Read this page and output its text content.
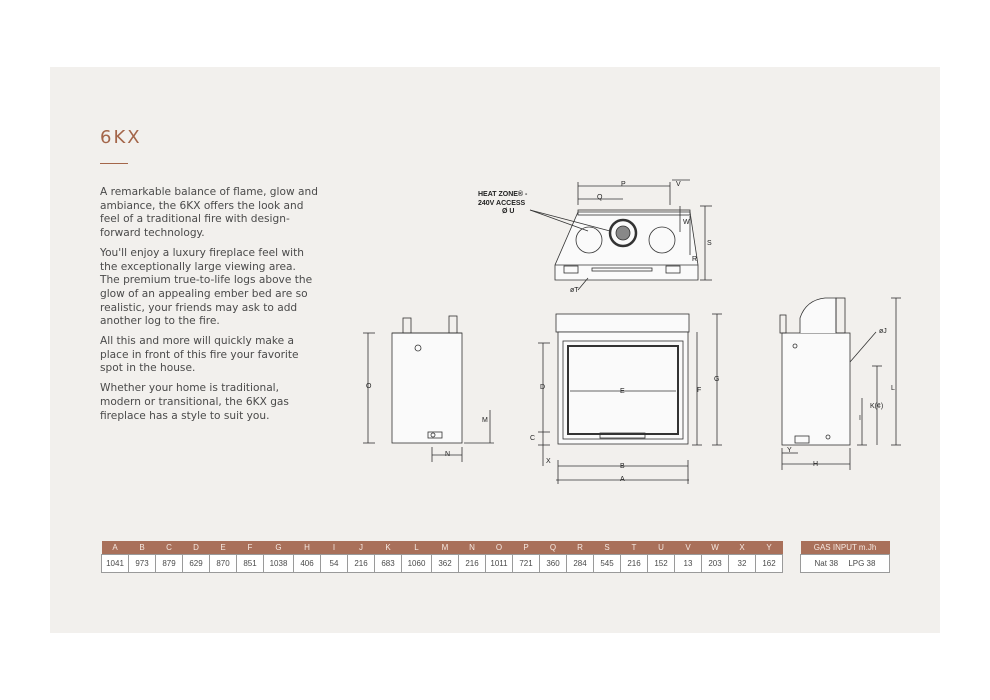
6KX

A remarkable balance of flame, glow and ambiance, the 6KX offers the look and feel of a traditional fire with design-forward technology.

You'll enjoy a luxury fireplace feel with the exceptionally large viewing area. The premium true-to-life logs above the glow of an appealing ember bed are so realistic, your friends may ask to add another log to the fire.

All this and more will quickly make a place in front of this fire your favorite spot in the house.

Whether your home is traditional, modern or transitional, the 6KX gas fireplace has a style to suit you.

HEAT ZONE® -
240V ACCESS
Ø U
P
Q
V
W
S
R
øT
O
M
N
D
E	F
G
C
X
B
A
øJ
L
K(¢)
I
Y
H
A	B	C	D	E	F	G	H	I	J	K	L	M	N	O	P	Q	R	S	T	U	V	W	X	Y
1041	973	879	629	870	851	1038	406	54	216	683	1060	362	216	1011	721	360	284	545	216	152	13	203	32	162
GAS INPUT m.Jh
Nat 38 LPG 38
